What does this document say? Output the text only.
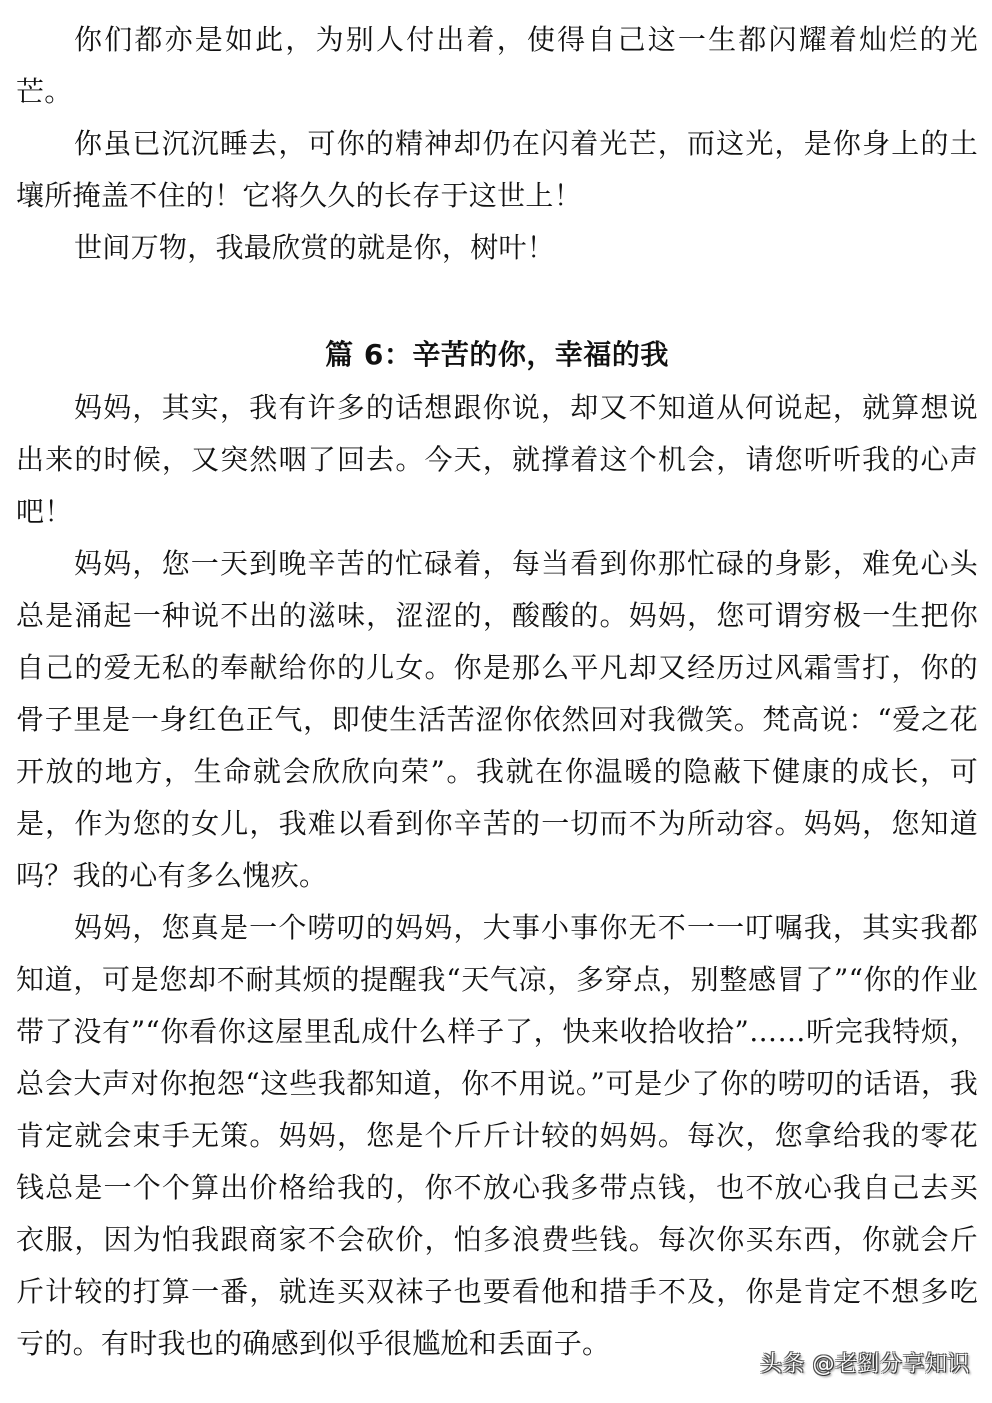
你们都亦是如此，为别人付出着，使得自己这一生都闪耀着灿烂的光芒。

你虽已沉沉睡去，可你的精神却仍在闪着光芒，而这光，是你身上的土壤所掩盖不住的！它将久久的长存于这世上！

世间万物，我最欣赏的就是你，树叶！

篇 6：辛苦的你，幸福的我

妈妈，其实，我有许多的话想跟你说，却又不知道从何说起，就算想说出来的时候，又突然咽了回去。今天，就撑着这个机会，请您听听我的心声吧！

妈妈，您一天到晚辛苦的忙碌着，每当看到你那忙碌的身影，难免心头总是涌起一种说不出的滋味，涩涩的，酸酸的。妈妈，您可谓穷极一生把你自己的爱无私的奉献给你的儿女。你是那么平凡却又经历过风霜雪打，你的骨子里是一身红色正气，即使生活苦涩你依然回对我微笑。梵高说：“爱之花开放的地方，生命就会欣欣向荣”。我就在你温暖的隐蔽下健康的成长，可是，作为您的女儿，我难以看到你辛苦的一切而不为所动容。妈妈，您知道吗？我的心有多么愧疚。

妈妈，您真是一个唠叨的妈妈，大事小事你无不一一叮嘱我，其实我都知道，可是您却不耐其烦的提醒我“天气凉，多穿点，别整感冒了”“你的作业带了没有”“你看你这屋里乱成什么样子了，快来收拾收拾”……听完我特烦，总会大声对你抱怨“这些我都知道，你不用说。”可是少了你的唠叨的话语，我肯定就会束手无策。妈妈，您是个斤斤计较的妈妈。每次，您拿给我的零花钱总是一个个算出价格给我的，你不放心我多带点钱，也不放心我自己去买衣服，因为怕我跟商家不会砍价，怕多浪费些钱。每次你买东西，你就会斤斤计较的打算一番，就连买双袜子也要看他和措手不及，你是肯定不想多吃亏的。有时我也的确感到似乎很尴尬和丢面子。

头条 @老劉分享知识
